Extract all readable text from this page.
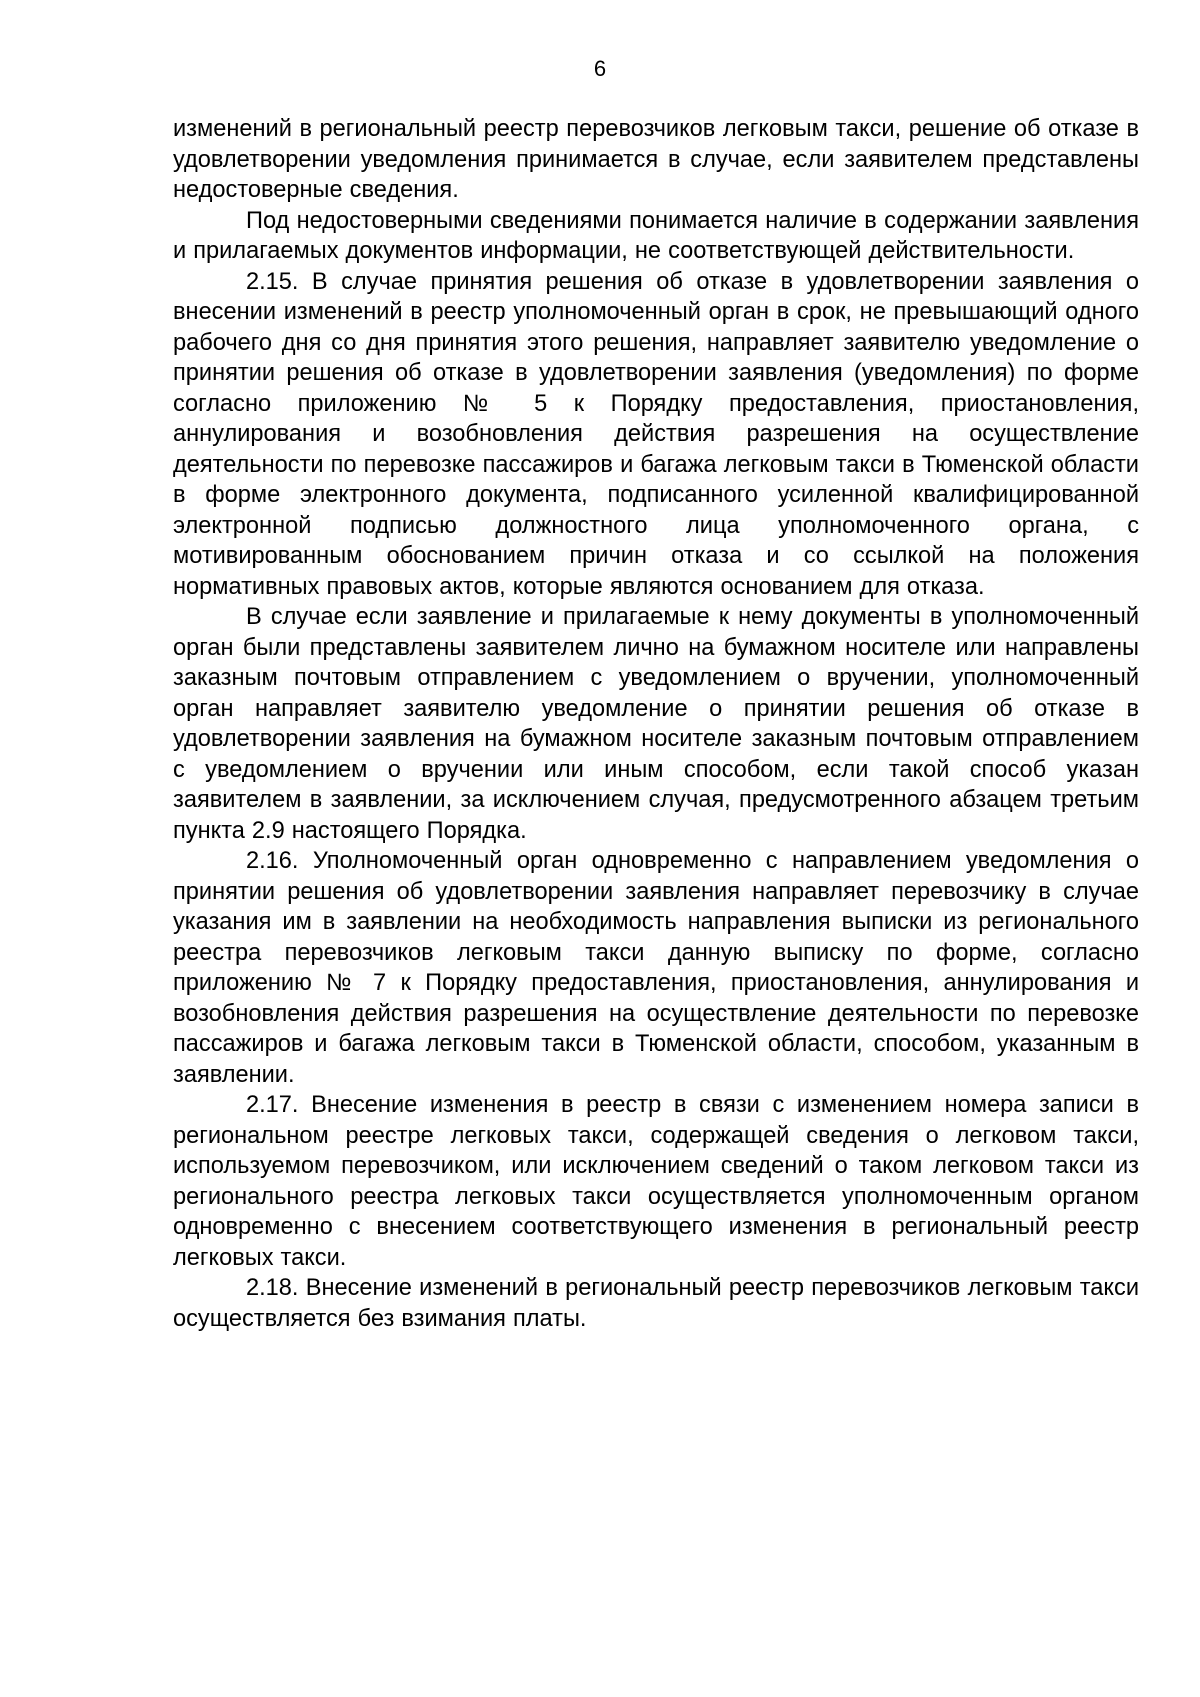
6

изменений в региональный реестр перевозчиков легковым такси, решение об отказе в удовлетворении уведомления принимается в случае, если заявителем представлены недостоверные сведения.

Под недостоверными сведениями понимается наличие в содержании заявления и прилагаемых документов информации, не соответствующей действительности.

2.15. В случае принятия решения об отказе в удовлетворении заявления о внесении изменений в реестр уполномоченный орган в срок, не превышающий одного рабочего дня со дня принятия этого решения, направляет заявителю уведомление о принятии решения об отказе в удовлетворении заявления (уведомления) по форме согласно приложению № 5 к Порядку предоставления, приостановления, аннулирования и возобновления действия разрешения на осуществление деятельности по перевозке пассажиров и багажа легковым такси в Тюменской области в форме электронного документа, подписанного усиленной квалифицированной электронной подписью должностного лица уполномоченного органа, с мотивированным обоснованием причин отказа и со ссылкой на положения нормативных правовых актов, которые являются основанием для отказа.

В случае если заявление и прилагаемые к нему документы в уполномоченный орган были представлены заявителем лично на бумажном носителе или направлены заказным почтовым отправлением с уведомлением о вручении, уполномоченный орган направляет заявителю уведомление о принятии решения об отказе в удовлетворении заявления на бумажном носителе заказным почтовым отправлением с уведомлением о вручении или иным способом, если такой способ указан заявителем в заявлении, за исключением случая, предусмотренного абзацем третьим пункта 2.9 настоящего Порядка.

2.16. Уполномоченный орган одновременно с направлением уведомления о принятии решения об удовлетворении заявления направляет перевозчику в случае указания им в заявлении на необходимость направления выписки из регионального реестра перевозчиков легковым такси данную выписку по форме, согласно приложению № 7 к Порядку предоставления, приостановления, аннулирования и возобновления действия разрешения на осуществление деятельности по перевозке пассажиров и багажа легковым такси в Тюменской области, способом, указанным в заявлении.

2.17. Внесение изменения в реестр в связи с изменением номера записи в региональном реестре легковых такси, содержащей сведения о легковом такси, используемом перевозчиком, или исключением сведений о таком легковом такси из регионального реестра легковых такси осуществляется уполномоченным органом одновременно с внесением соответствующего изменения в региональный реестр легковых такси.

2.18. Внесение изменений в региональный реестр перевозчиков легковым такси осуществляется без взимания платы.
